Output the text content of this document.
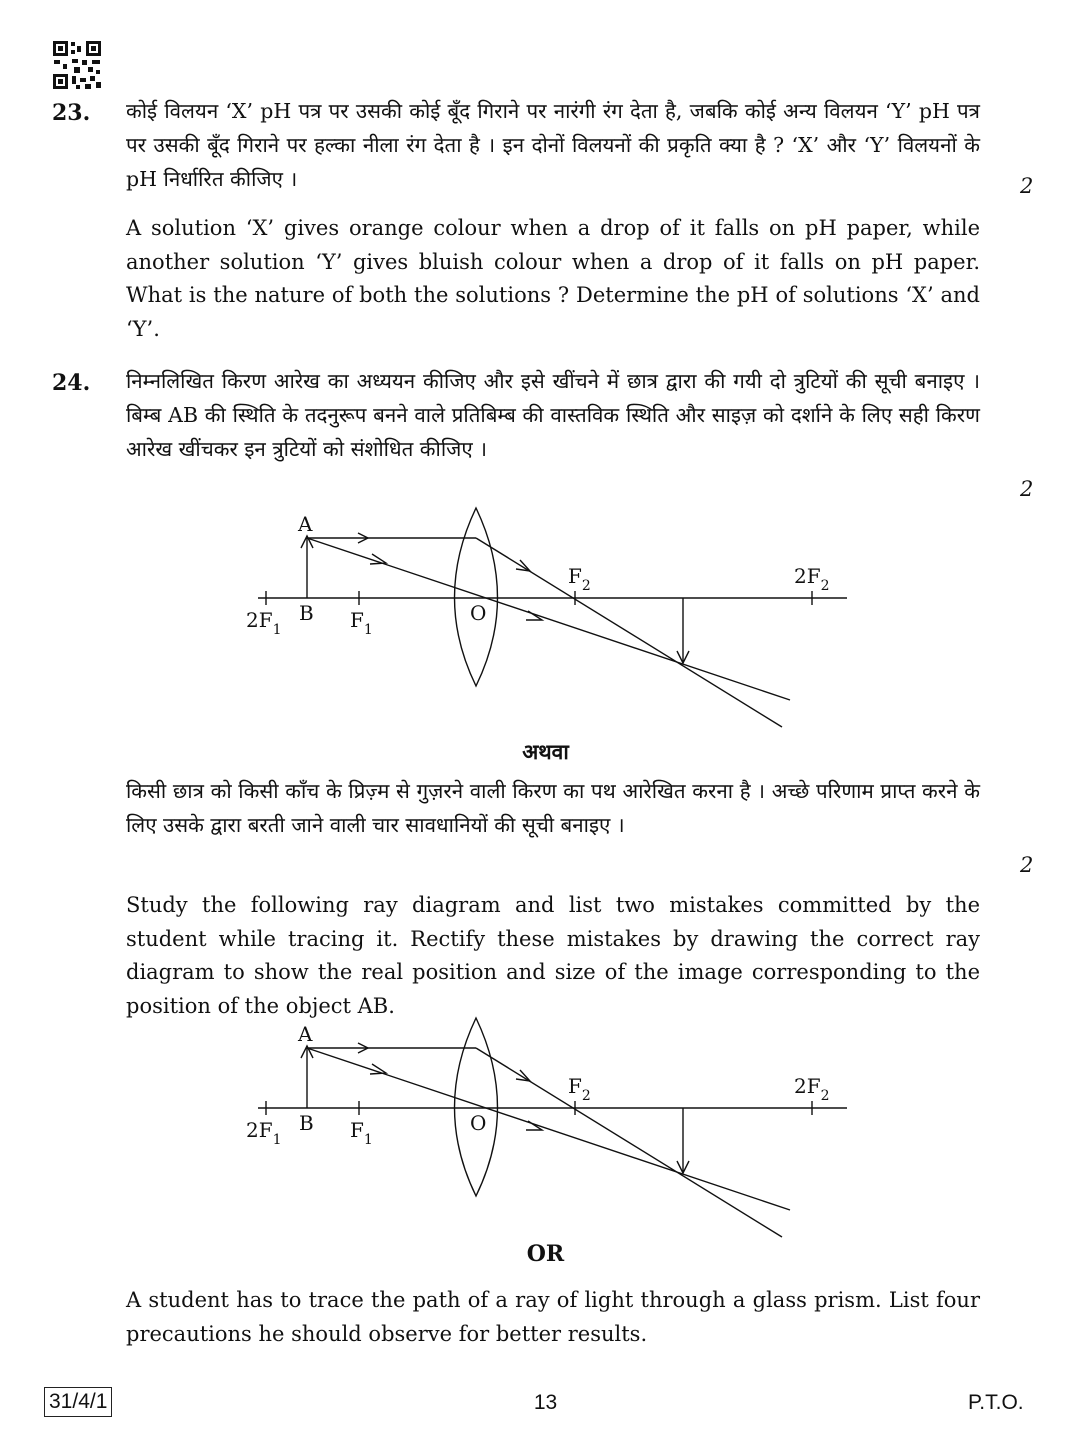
23. कोई विलयन ‘X’ pH पत्र पर उसकी कोई बूँद गिराने पर नारंगी रंग देता है, जबकि कोई अन्य विलयन ‘Y’ pH पत्र पर उसकी बूँद गिराने पर हल्का नीला रंग देता है । इन दोनों विलयनों की प्रकृति क्या है ? ‘X’ और ‘Y’ विलयनों के pH निर्धारित कीजिए ।	2
A solution ‘X’ gives orange colour when a drop of it falls on pH paper, while another solution ‘Y’ gives bluish colour when a drop of it falls on pH paper. What is the nature of both the solutions ? Determine the pH of solutions ‘X’ and ‘Y’.
24. निम्नलिखित किरण आरेख का अध्ययन कीजिए और इसे खींचने में छात्र द्वारा की गयी दो त्रुटियों की सूची बनाइए । बिम्ब AB की स्थिति के तदनुरूप बनने वाले प्रतिबिम्ब की वास्तविक स्थिति और साइज़ को दर्शाने के लिए सही किरण आरेख खींचकर इन त्रुटियों को संशोधित कीजिए ।
2
A
B	O
$2F_1$	$F_1$
$F_2$	$2F_2$
अथवा
किसी छात्र को किसी काँच के प्रिज़्म से गुज़रने वाली किरण का पथ आरेखित करना है । अच्छे परिणाम प्राप्त करने के लिए उसके द्वारा बरती जाने वाली चार सावधानियों की सूची बनाइए ।
2
Study the following ray diagram and list two mistakes committed by the student while tracing it. Rectify these mistakes by drawing the correct ray diagram to show the real position and size of the image corresponding to the position of the object AB.
A
B	O
$2F_1$	$F_1$
$F_2$	$2F_2$
OR
A student has to trace the path of a ray of light through a glass prism. List four precautions he should observe for better results.
31/4/1	13	P.T.O.
